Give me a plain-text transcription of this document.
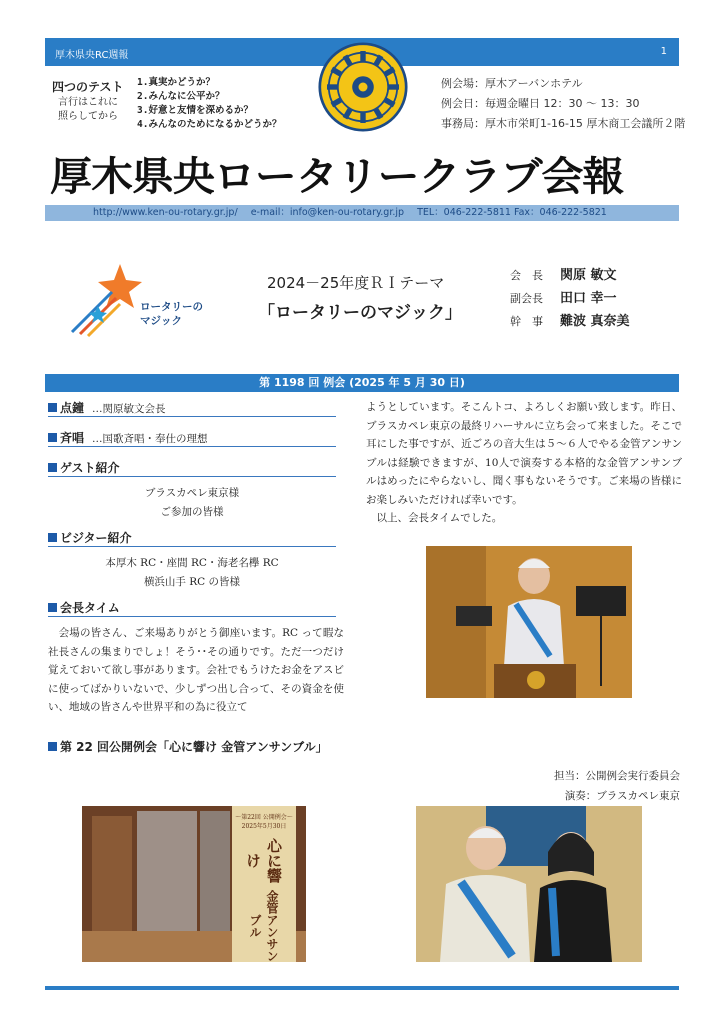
厚木県央RC週報	1
四つのテスト
言行はこれに照らしてから
1.真実かどうか？
2.みんなに公平か？
3.好意と友情を深めるか？
4.みんなのためになるかどうか？
例会場：厚木アーバンホテル
例会日：毎週金曜日 12：30 ～ 13：30
事務局：厚木市栄町1-16-15 厚木商工会議所２階
厚木県央ロータリークラブ会報
http://www.ken-ou-rotary.gr.jp/ e-mail：info@ken-ou-rotary.gr.jp TEL：046-222-5811 Fax：046-222-5821
ロータリーの
マジック
2024－25年度ＲＩテーマ
「ロータリーのマジック」
会　長 関原 敏文
副会長 田口 幸一
幹　事 難波 真奈美
第 1198 回 例会 (2025 年 5 月 30 日)
点鐘 …関原敏文会長
斉唱 …国歌斉唱・奉仕の理想
ゲスト紹介
ブラスカペレ東京様
ご参加の皆様
ビジター紹介
本厚木 RC・座間 RC・海老名欅 RC
横浜山手 RC の皆様
会長タイム
　会場の皆さん、ご来場ありがとう御座います。RC って暇な社長さんの集まりでしょ！そう･･その通りです。ただ一つだけ覚えておいて欲し事があります。会社でもうけたお金をアスビに使ってばかりいないで、少しずつ出し合って、その資金を使い、地域の皆さんや世界平和の為に役立て
ようとしています。そこんトコ、よろしくお願い致します。昨日、ブラスカペレ東京の最終リハーサルに立ち会って来ました。そこで耳にした事ですが、近ごろの音大生は５～６人でやる金管アンサンブルは経験できますが、10人で演奏する本格的な金管アンサンブルはめったにやらないし、聞く事もないそうです。ご来場の皆様にお楽しみいただければ幸いです。
　以上、会長タイムでした。
第 22 回公開例会「心に響け 金管アンサンブル」
担当：公開例会実行委員会
演奏：ブラスカペレ東京
～第22回 公開例会～
2025年5月30日
心に響け
金管アンサンブル
